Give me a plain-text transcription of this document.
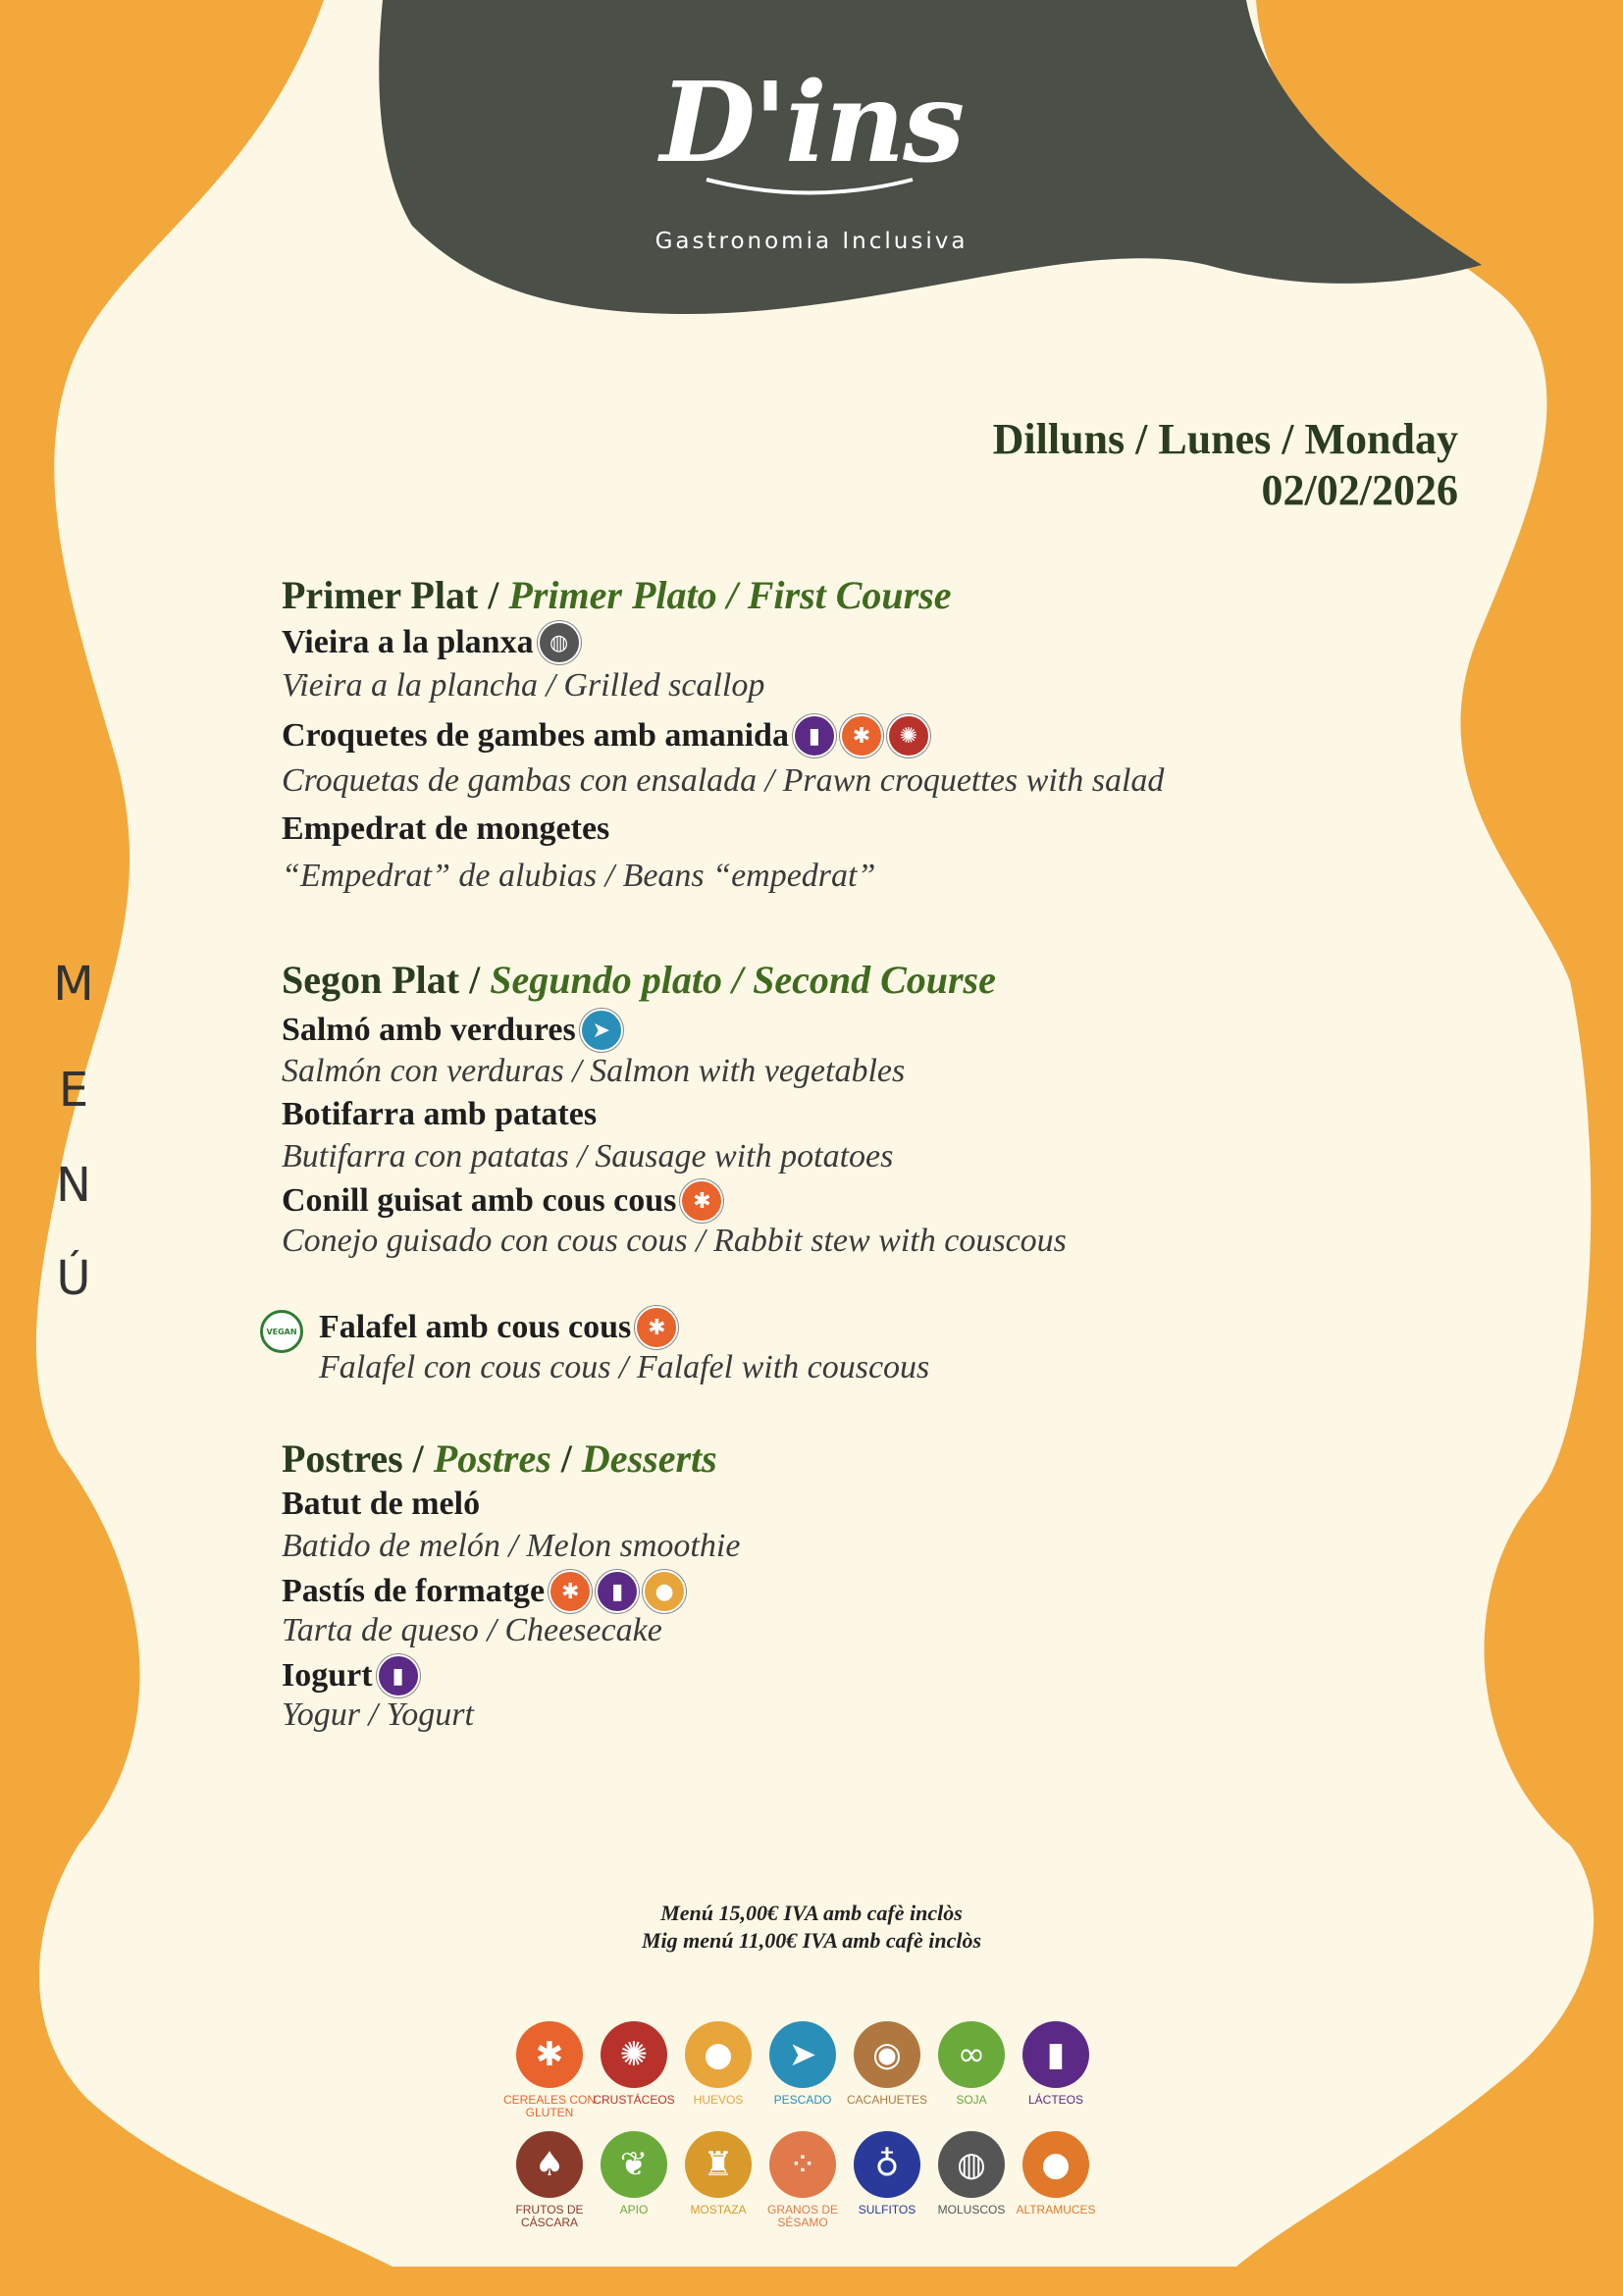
D'ins
Gastronomia Inclusiva
Dilluns / Lunes / Monday
02/02/2026
M
E
N
Ú
Primer Plat / Primer Plato / First Course
Vieira a la planxa ◍
Vieira a la plancha / Grilled scallop
Croquetes de gambes amb amanida ▮	✱	✺
Croquetas de gambas con ensalada / Prawn croquettes with salad
Empedrat de mongetes
“Empedrat” de alubias / Beans “empedrat”
Segon Plat / Segundo plato / Second Course
Salmó amb verdures ➤
Salmón con verduras / Salmon with vegetables
Botifarra amb patates
Butifarra con patatas / Sausage with potatoes
Conill guisat amb cous cous ✱
Conejo guisado con cous cous / Rabbit stew with couscous
VEGAN Falafel amb cous cous ✱
Falafel con cous cous / Falafel with couscous
Postres / Postres / Desserts
Batut de meló
Batido de melón / Melon smoothie
Pastís de formatge ✱	▮	●
Tarta de queso / Cheesecake
Iogurt ▮
Yogur / Yogurt
Menú 15,00€ IVA amb cafè inclòs
Mig menú 11,00€ IVA amb cafè inclòs
✱
CEREALES CON GLUTEN
✺
CRUSTÁCEOS
●
HUEVOS
➤
PESCADO
◉
CACAHUETES
∞
SOJA
▮
LÁCTEOS
♠
FRUTOS DE CÁSCARA
❦
APIO
♜
MOSTAZA
⁘
GRANOS DE SÉSAMO
♁
SULFITOS
◍
MOLUSCOS
●
ALTRAMUCES
